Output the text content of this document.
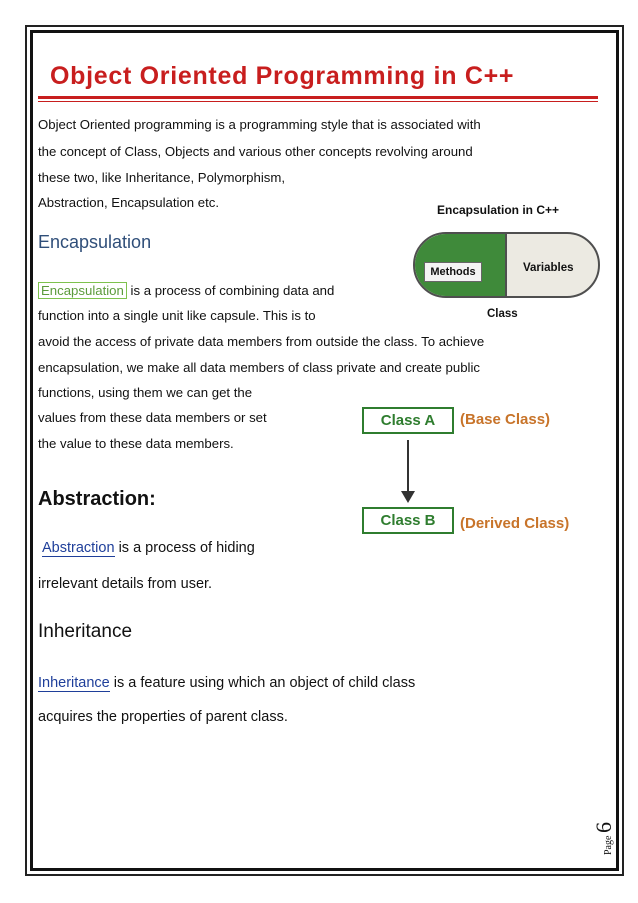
Object Oriented Programming in C++
Object Oriented programming is a programming style that is associated with
the concept of Class, Objects and various other concepts revolving around
these two, like Inheritance, Polymorphism,
Abstraction, Encapsulation etc.
Encapsulation
Encapsulation is a process of combining data and
function into a single unit like capsule. This is to
avoid the access of private data members from outside the class. To achieve
encapsulation, we make all data members of class private and create public
functions, using them we can get the
values from these data members or set
the value to these data members.
Encapsulation in C++
Methods	Variables
Class
Class A	(Base Class)
Class B	(Derived Class)
Abstraction:
Abstraction is a process of hiding
irrelevant details from user.
Inheritance
Inheritance is a feature using which an object of child class
acquires the properties of parent class.
Page
6
